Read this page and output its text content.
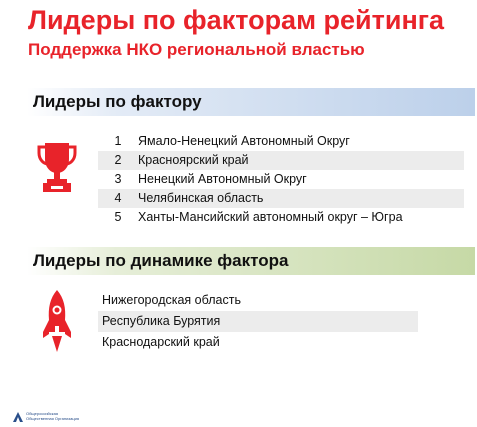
Лидеры по факторам рейтинга
Поддержка НКО региональной властью
Лидеры по фактору
1 Ямало-Ненецкий Автономный Округ
2 Красноярский край
3 Ненецкий Автономный Округ
4 Челябинская область
5 Ханты-Мансийский автономный округ – Югра
Лидеры по динамике фактора
Нижегородская область
Республика Бурятия
Краснодарский край
Общероссийская Общественная Организация
